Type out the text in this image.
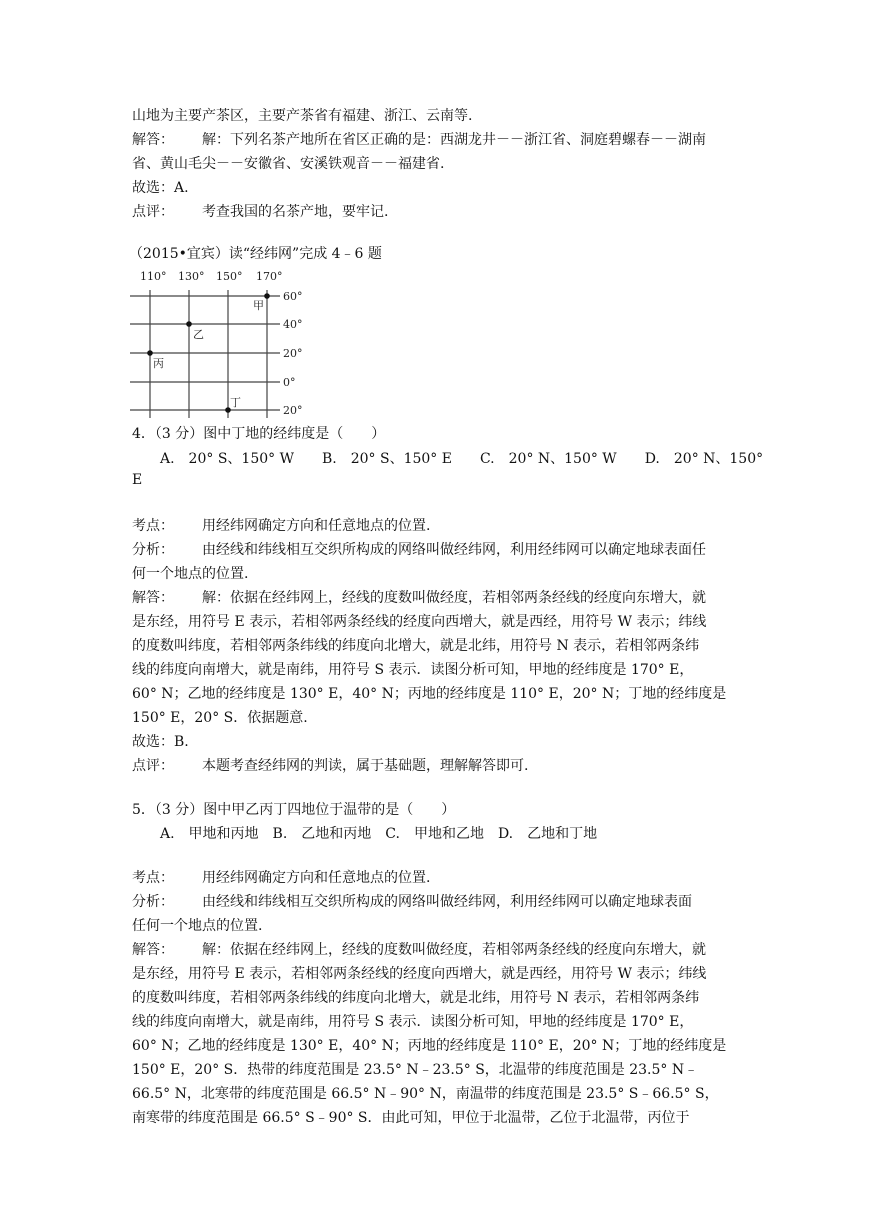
山地为主要产茶区，主要产茶省有福建、浙江、云南等.
解答： 解：下列名茶产地所在省区正确的是：西湖龙井－－浙江省、洞庭碧螺春－－湖南
省、黄山毛尖－－安徽省、安溪铁观音－－福建省.
故选：A.
点评： 考查我国的名茶产地，要牢记.
（2015•宜宾）读“经纬网”完成 4﹣6 题
110° 130° 150° 170°
60°
40°
20°
0°
20°
甲
乙
丙
丁
4．（3 分）图中丁地的经纬度是（　　）
A.　20° S、150° W　　B.　20° S、150° E　　C.　20° N、150° W　　D.　20° N、150°
E
考点： 用经纬网确定方向和任意地点的位置.
分析： 由经线和纬线相互交织所构成的网络叫做经纬网，利用经纬网可以确定地球表面任
何一个地点的位置.
解答： 解：依据在经纬网上，经线的度数叫做经度，若相邻两条经线的经度向东增大，就
是东经，用符号 E 表示，若相邻两条经线的经度向西增大，就是西经，用符号 W 表示；纬线
的度数叫纬度，若相邻两条纬线的纬度向北增大，就是北纬，用符号 N 表示，若相邻两条纬
线的纬度向南增大，就是南纬，用符号 S 表示．读图分析可知，甲地的经纬度是 170° E，
60° N；乙地的经纬度是 130° E，40° N；丙地的经纬度是 110° E，20° N；丁地的经纬度是
150° E，20° S．依据题意.
故选：B.
点评： 本题考查经纬网的判读，属于基础题，理解解答即可.
5．（3 分）图中甲乙丙丁四地位于温带的是（　　）
A.　甲地和丙地　B.　乙地和丙地　C.　甲地和乙地　D.　乙地和丁地
考点： 用经纬网确定方向和任意地点的位置.
分析： 由经线和纬线相互交织所构成的网络叫做经纬网，利用经纬网可以确定地球表面
任何一个地点的位置.
解答： 解：依据在经纬网上，经线的度数叫做经度，若相邻两条经线的经度向东增大，就
是东经，用符号 E 表示，若相邻两条经线的经度向西增大，就是西经，用符号 W 表示；纬线
的度数叫纬度，若相邻两条纬线的纬度向北增大，就是北纬，用符号 N 表示，若相邻两条纬
线的纬度向南增大，就是南纬，用符号 S 表示．读图分析可知，甲地的经纬度是 170° E，
60° N；乙地的经纬度是 130° E，40° N；丙地的经纬度是 110° E，20° N；丁地的经纬度是
150° E，20° S．热带的纬度范围是 23.5° N﹣23.5° S，北温带的纬度范围是 23.5° N﹣
66.5° N，北寒带的纬度范围是 66.5° N﹣90° N，南温带的纬度范围是 23.5° S﹣66.5° S，
南寒带的纬度范围是 66.5° S﹣90° S．由此可知，甲位于北温带，乙位于北温带，丙位于
